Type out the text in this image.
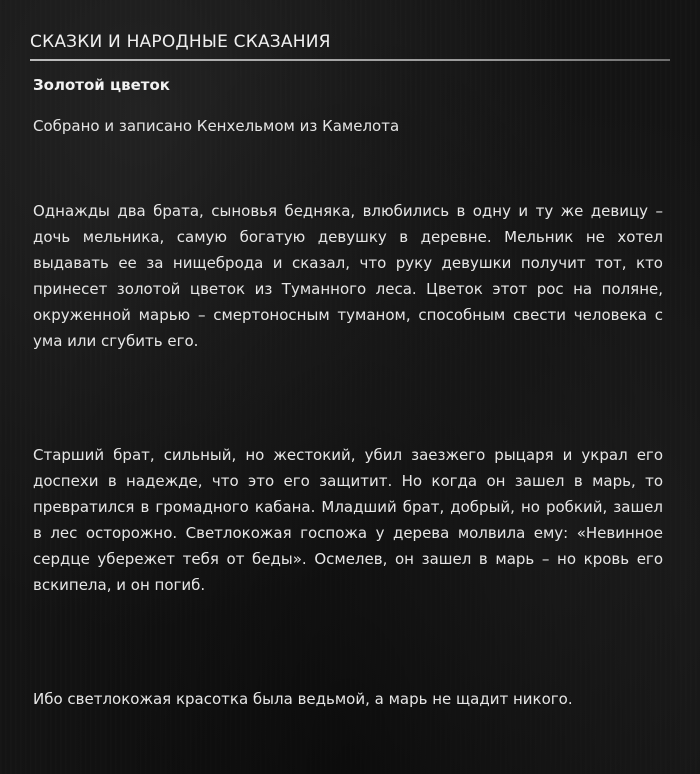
СКАЗКИ И НАРОДНЫЕ СКАЗАНИЯ
Золотой цветок
Собрано и записано Кенхельмом из Камелота
Однажды два брата, сыновья бедняка, влюбились в одну и ту же девицу – дочь мельника, самую богатую девушку в деревне. Мельник не хотел выдавать ее за нищеброда и сказал, что руку девушки получит тот, кто принесет золотой цветок из Туманного леса. Цветок этот рос на поляне, окруженной марью – смертоносным туманом, способным свести человека с ума или сгубить его.
Старший брат, сильный, но жестокий, убил заезжего рыцаря и украл его доспехи в надежде, что это его защитит. Но когда он зашел в марь, то превратился в громадного кабана. Младший брат, добрый, но робкий, зашел в лес осторожно. Светлокожая госпожа у дерева молвила ему: «Невинное сердце убережет тебя от беды». Осмелев, он зашел в марь – но кровь его вскипела, и он погиб.
Ибо светлокожая красотка была ведьмой, а марь не щадит никого.
